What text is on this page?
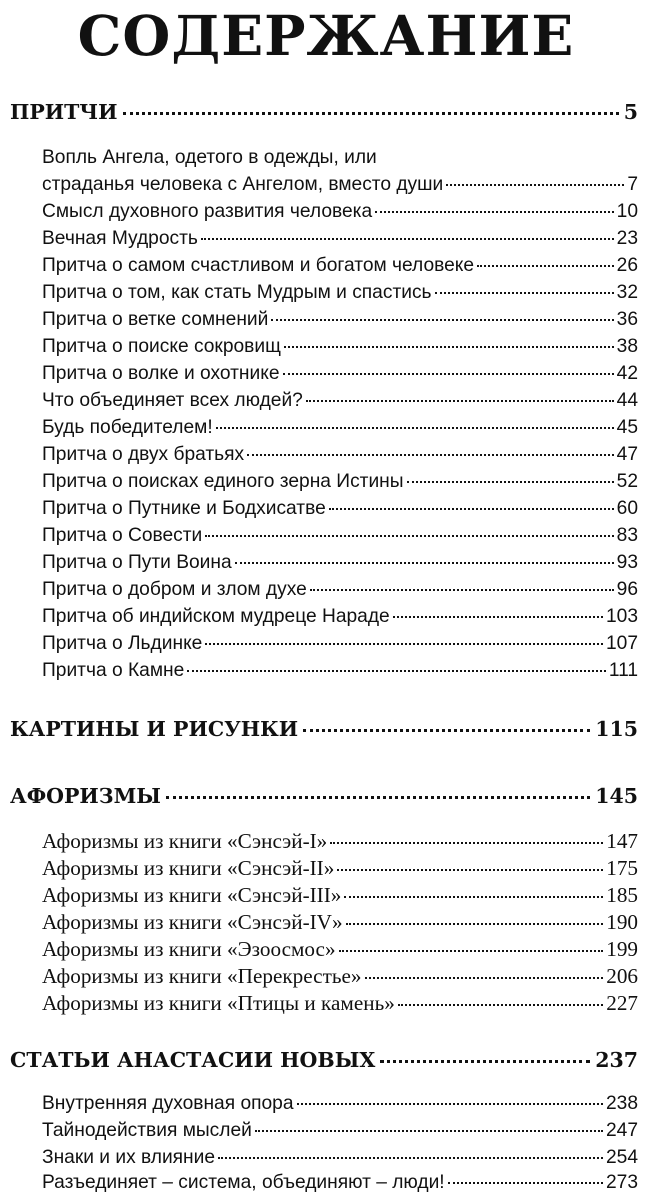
СОДЕРЖАНИЕ
ПРИТЧИ	5
Вопль Ангела, одетого в одежды, или
страданья человека с Ангелом, вместо души	7
Смысл духовного развития человека	10
Вечная Мудрость	23
Притча о самом счастливом и богатом человеке	26
Притча о том, как стать Мудрым и спастись	32
Притча о ветке сомнений	36
Притча о поиске сокровищ	38
Притча о волке и охотнике	42
Что объединяет всех людей?	44
Будь победителем!	45
Притча о двух братьях	47
Притча о поисках единого зерна Истины	52
Притча о Путнике и Бодхисатве	60
Притча о Совести	83
Притча о Пути Воина	93
Притча о добром и злом духе	96
Притча об индийском мудреце Нараде	103
Притча о Льдинке	107
Притча о Камне	111
КАРТИНЫ И РИСУНКИ	115
АФОРИЗМЫ	145
Афоризмы из книги «Сэнсэй-I»	147
Афоризмы из книги «Сэнсэй-II»	175
Афоризмы из книги «Сэнсэй-III»	185
Афоризмы из книги «Сэнсэй-IV»	190
Афоризмы из книги «Эзоосмос»	199
Афоризмы из книги «Перекрестье»	206
Афоризмы из книги «Птицы и камень»	227
СТАТЬИ АНАСТАСИИ НОВЫХ	237
Внутренняя духовная опора	238
Тайнодействия мыслей	247
Знаки и их влияние	254
Разъединяет – система, объединяют – люди!	273
